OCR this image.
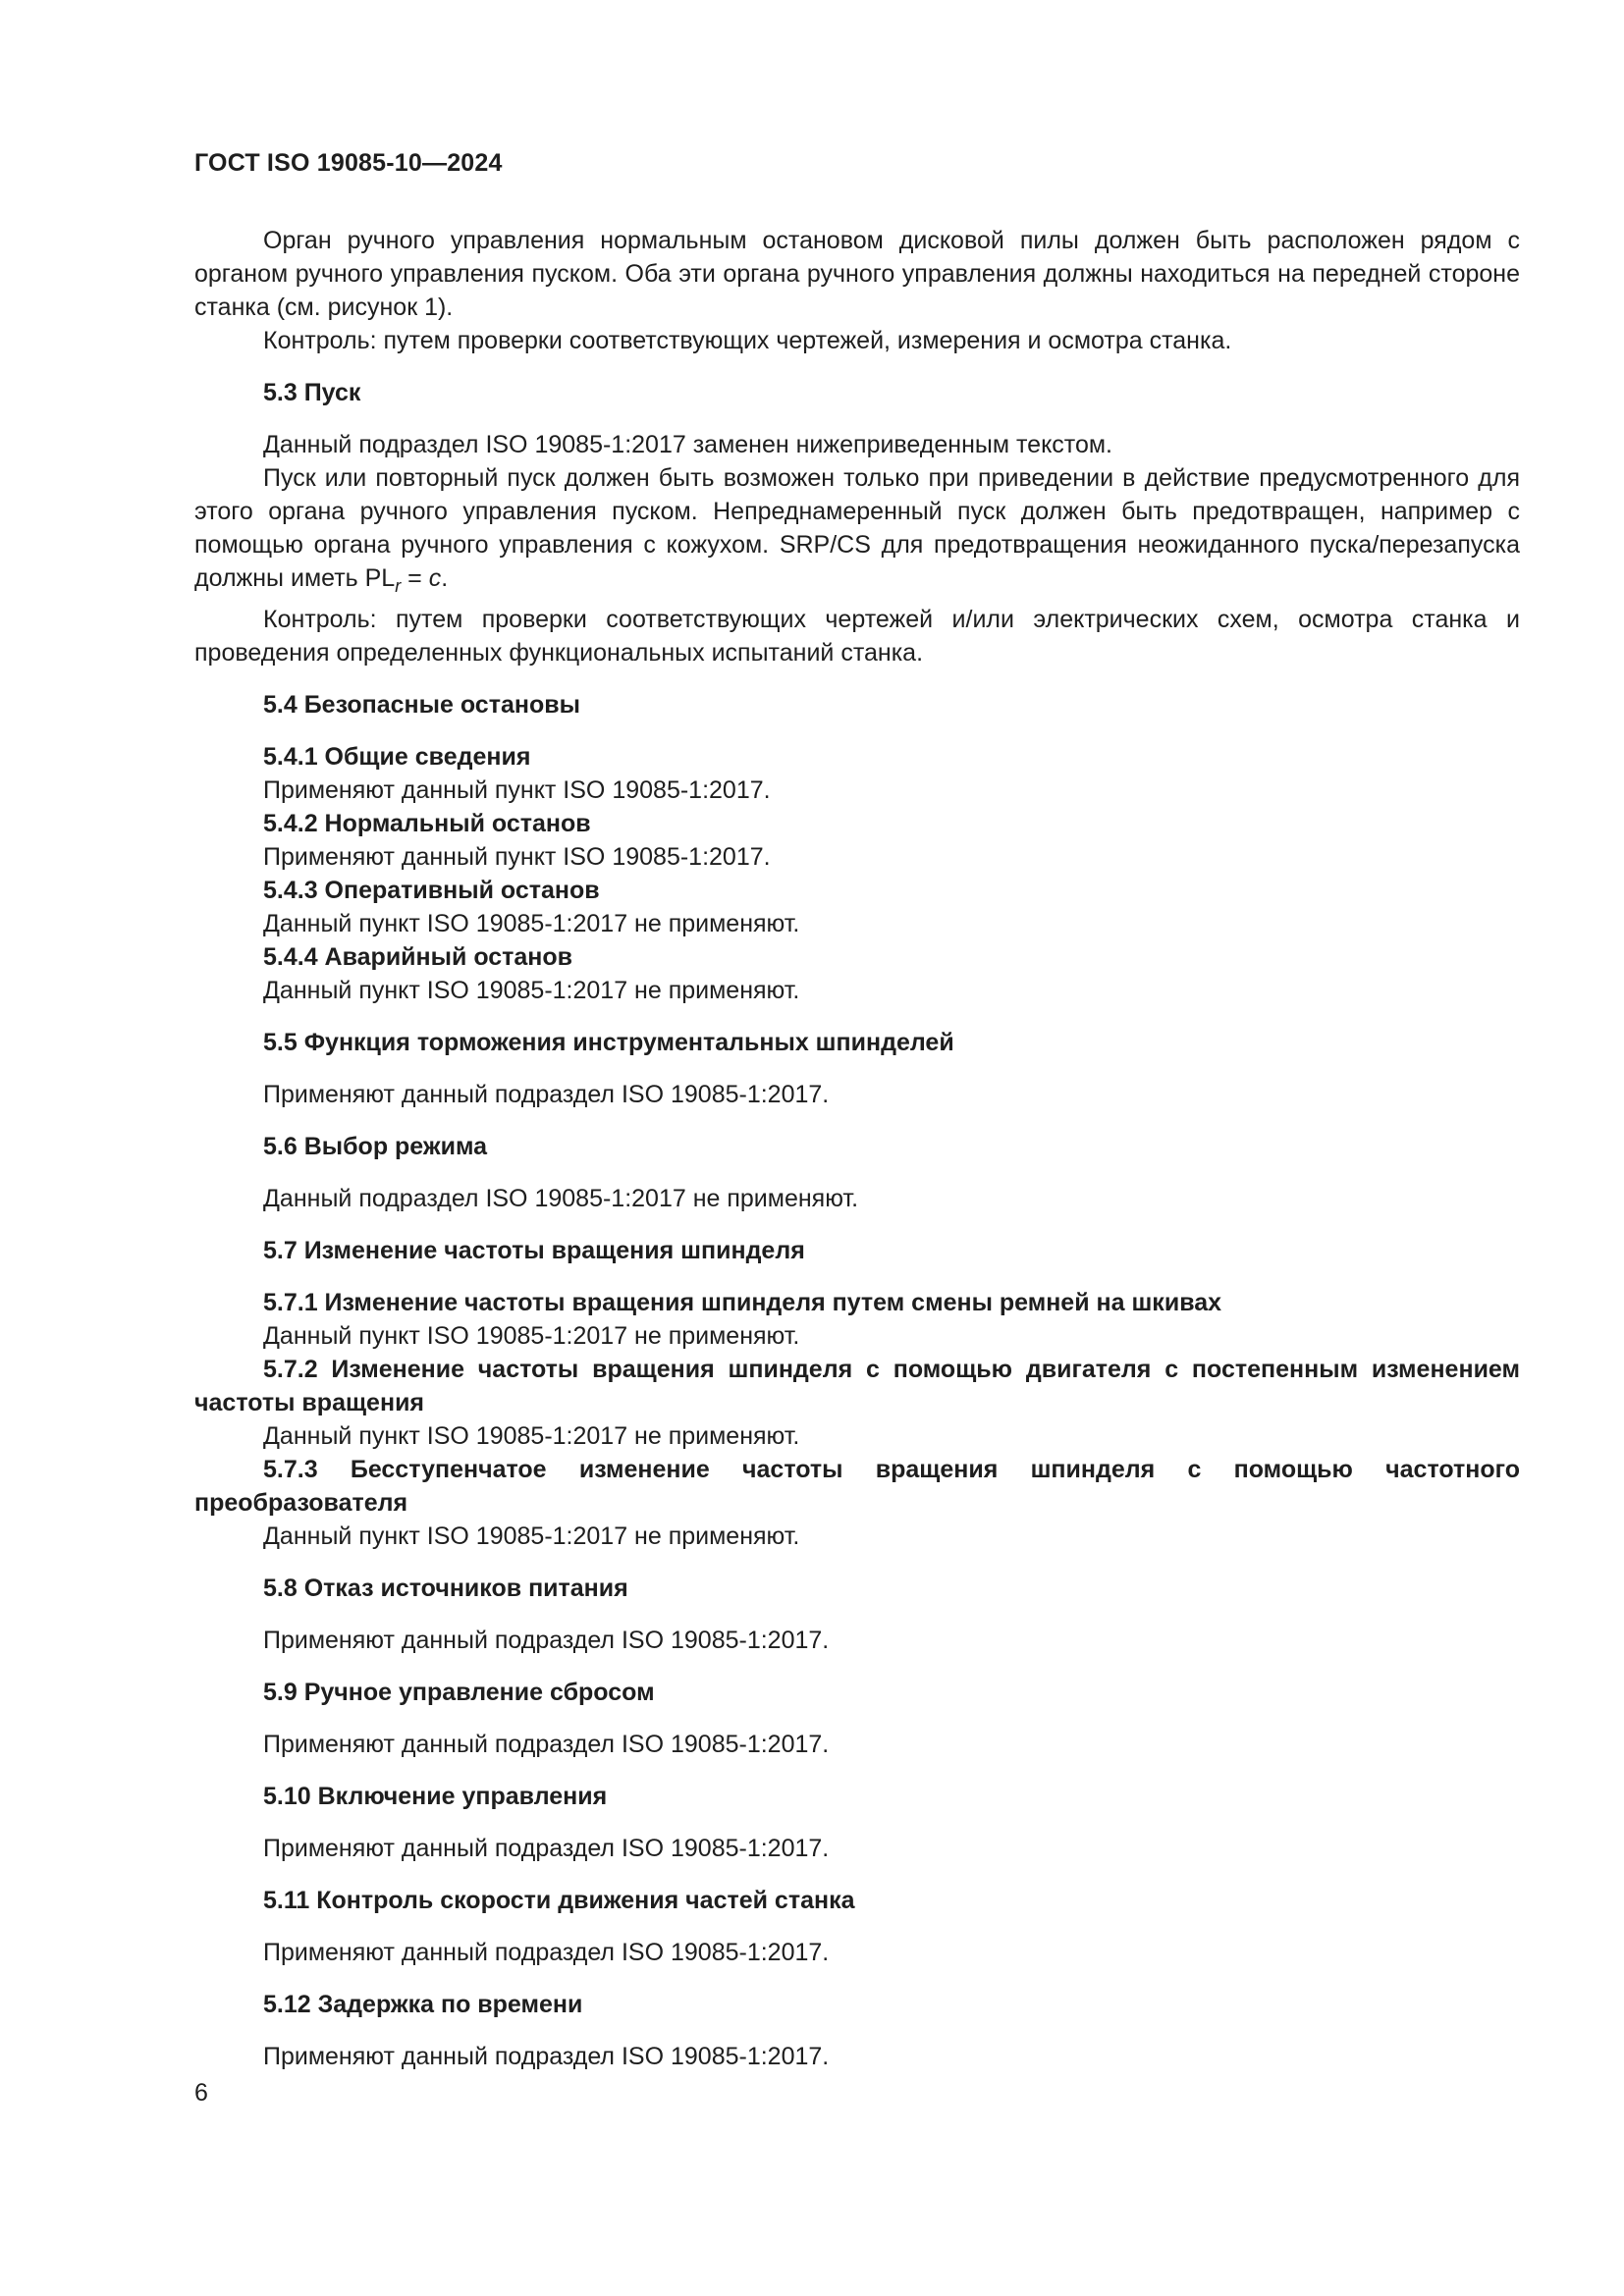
ГОСТ ISO 19085-10—2024

Орган ручного управления нормальным остановом дисковой пилы должен быть расположен рядом с органом ручного управления пуском. Оба эти органа ручного управления должны находиться на передней стороне станка (см. рисунок 1).

Контроль: путем проверки соответствующих чертежей, измерения и осмотра станка.

5.3 Пуск

Данный подраздел ISO 19085-1:2017 заменен нижеприведенным текстом.

Пуск или повторный пуск должен быть возможен только при приведении в действие предусмотренного для этого органа ручного управления пуском. Непреднамеренный пуск должен быть предотвращен, например с помощью органа ручного управления с кожухом. SRP/CS для предотвращения неожиданного пуска/перезапуска должны иметь $PL_r = c$.

Контроль: путем проверки соответствующих чертежей и/или электрических схем, осмотра станка и проведения определенных функциональных испытаний станка.

5.4 Безопасные остановы

5.4.1 Общие сведения

Применяют данный пункт ISO 19085-1:2017.

5.4.2 Нормальный останов

Применяют данный пункт ISO 19085-1:2017.

5.4.3 Оперативный останов

Данный пункт ISO 19085-1:2017 не применяют.

5.4.4 Аварийный останов

Данный пункт ISO 19085-1:2017 не применяют.

5.5 Функция торможения инструментальных шпинделей

Применяют данный подраздел ISO 19085-1:2017.

5.6 Выбор режима

Данный подраздел ISO 19085-1:2017 не применяют.

5.7 Изменение частоты вращения шпинделя

5.7.1 Изменение частоты вращения шпинделя путем смены ремней на шкивах

Данный пункт ISO 19085-1:2017 не применяют.

5.7.2 Изменение частоты вращения шпинделя с помощью двигателя с постепенным изменением частоты вращения

Данный пункт ISO 19085-1:2017 не применяют.

5.7.3 Бесступенчатое изменение частоты вращения шпинделя с помощью частотного преобразователя

Данный пункт ISO 19085-1:2017 не применяют.

5.8 Отказ источников питания

Применяют данный подраздел ISO 19085-1:2017.

5.9 Ручное управление сбросом

Применяют данный подраздел ISO 19085-1:2017.

5.10 Включение управления

Применяют данный подраздел ISO 19085-1:2017.

5.11 Контроль скорости движения частей станка

Применяют данный подраздел ISO 19085-1:2017.

5.12 Задержка по времени

Применяют данный подраздел ISO 19085-1:2017.

6
